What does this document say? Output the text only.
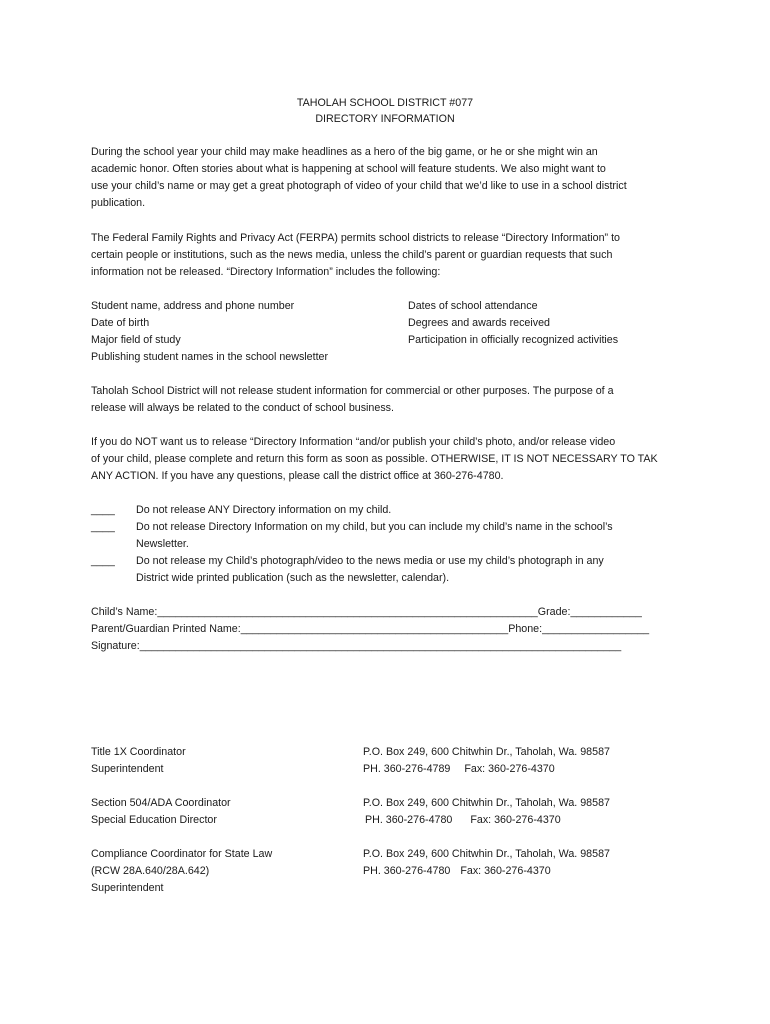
TAHOLAH SCHOOL DISTRICT #077
DIRECTORY INFORMATION
During the school year your child may make headlines as a hero of the big game, or he or she might win an
academic honor. Often stories about what is happening at school will feature students. We also might want to
use your child’s name or may get a great photograph of video of your child that we’d like to use in a school district
publication.
The Federal Family Rights and Privacy Act (FERPA) permits school districts to release “Directory Information” to
certain people or institutions, such as the news media, unless the child’s parent or guardian requests that such
information not be released. “Directory Information” includes the following:
Student name, address and phone number
Date of birth
Major field of study
Publishing student names in the school newsletter
Dates of school attendance
Degrees and awards received
Participation in officially recognized activities
Taholah School District will not release student information for commercial or other purposes. The purpose of a
release will always be related to the conduct of school business.
If you do NOT want us to release “Directory Information “and/or publish your child’s photo, and/or release video
of your child, please complete and return this form as soon as possible. OTHERWISE, IT IS NOT NECESSARY TO TAK
ANY ACTION. If you have any questions, please call the district office at 360-276-4780.
____ Do not release ANY Directory information on my child.
____ Do not release Directory Information on my child, but you can include my child’s name in the school’s
Newsletter.
____ Do not release my Child’s photograph/video to the news media or use my child’s photograph in any
District wide printed publication (such as the newsletter, calendar).
Child’s Name:________________________________________________________________Grade:____________
Parent/Guardian Printed Name:_____________________________________________Phone:__________________
Signature:_________________________________________________________________________________
Title 1X Coordinator
Superintendent
P.O. Box 249, 600 Chitwhin Dr., Taholah, Wa. 98587
PH. 360-276-4789 Fax: 360-276-4370
Section 504/ADA Coordinator
Special Education Director
P.O. Box 249, 600 Chitwhin Dr., Taholah, Wa. 98587
PH. 360-276-4780 Fax: 360-276-4370
Compliance Coordinator for State Law
(RCW 28A.640/28A.642)
Superintendent
P.O. Box 249, 600 Chitwhin Dr., Taholah, Wa. 98587
PH. 360-276-4780 Fax: 360-276-4370
